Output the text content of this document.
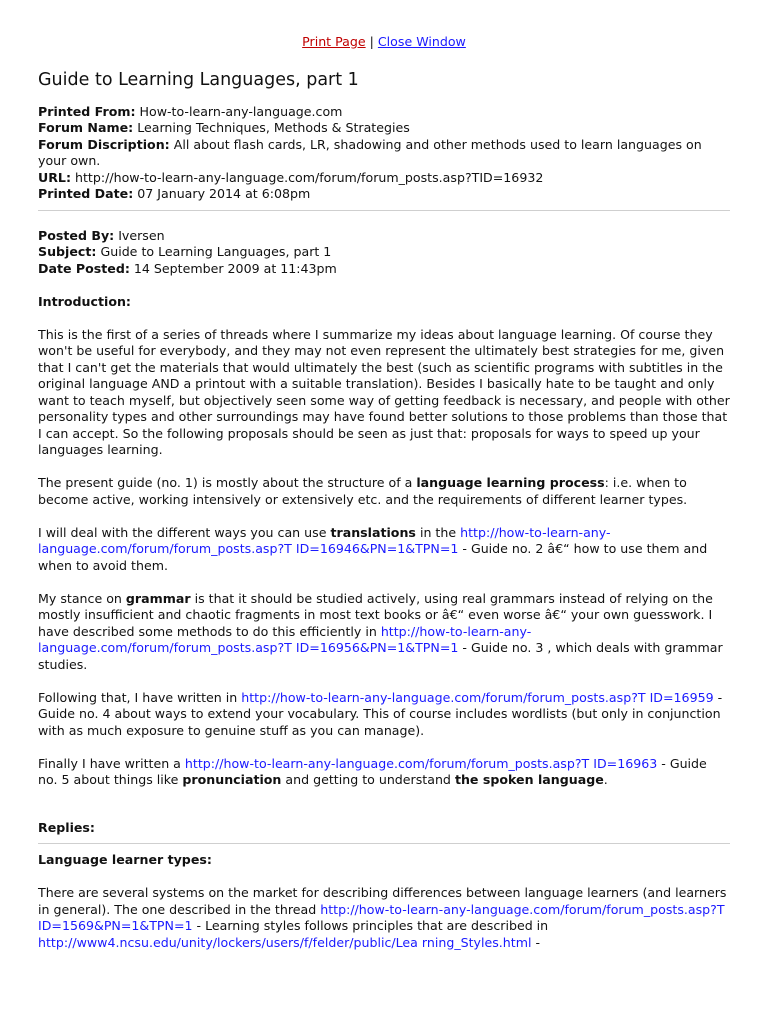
Print Page | Close Window
Guide to Learning Languages, part 1
Printed From: How-to-learn-any-language.com
Forum Name: Learning Techniques, Methods & Strategies
Forum Discription: All about flash cards, LR, shadowing and other methods used to learn languages on your own.
URL: http://how-to-learn-any-language.com/forum/forum_posts.asp?TID=16932
Printed Date: 07 January 2014 at 6:08pm
Posted By: Iversen
Subject: Guide to Learning Languages, part 1
Date Posted: 14 September 2009 at 11:43pm
Introduction:

This is the first of a series of threads where I summarize my ideas about language learning. Of course they won't be useful for everybody, and they may not even represent the ultimately best strategies for me, given that I can't get the materials that would ultimately the best (such as scientific programs with subtitles in the original language AND a printout with a suitable translation). Besides I basically hate to be taught and only want to teach myself, but objectively seen some way of getting feedback is necessary, and people with other personality types and other surroundings may have found better solutions to those problems than those that I can accept. So the following proposals should be seen as just that: proposals for ways to speed up your languages learning.

The present guide (no. 1) is mostly about the structure of a language learning process: i.e. when to become active, working intensively or extensively etc. and the requirements of different learner types.

I will deal with the different ways you can use translations in the http://how-to-learn-any-language.com/forum/forum_posts.asp?T ID=16946&PN=1&TPN=1 - Guide no. 2 â€“ how to use them and when to avoid them.

My stance on grammar is that it should be studied actively, using real grammars instead of relying on the mostly insufficient and chaotic fragments in most text books or â€“ even worse â€“ your own guesswork. I have described some methods to do this efficiently in http://how-to-learn-any-language.com/forum/forum_posts.asp?T ID=16956&PN=1&TPN=1 - Guide no. 3 , which deals with grammar studies.

Following that, I have written in http://how-to-learn-any-language.com/forum/forum_posts.asp?T ID=16959 - Guide no. 4 about ways to extend your vocabulary. This of course includes wordlists (but only in conjunction with as much exposure to genuine stuff as you can manage).

Finally I have written a http://how-to-learn-any-language.com/forum/forum_posts.asp?T ID=16963 - Guide no. 5 about things like pronunciation and getting to understand the spoken language.

Replies:
Language learner types:

There are several systems on the market for describing differences between language learners (and learners in general). The one described in the thread http://how-to-learn-any-language.com/forum/forum_posts.asp?T ID=1569&PN=1&TPN=1 - Learning styles follows principles that are described in http://www4.ncsu.edu/unity/lockers/users/f/felder/public/Lea rning_Styles.html -
